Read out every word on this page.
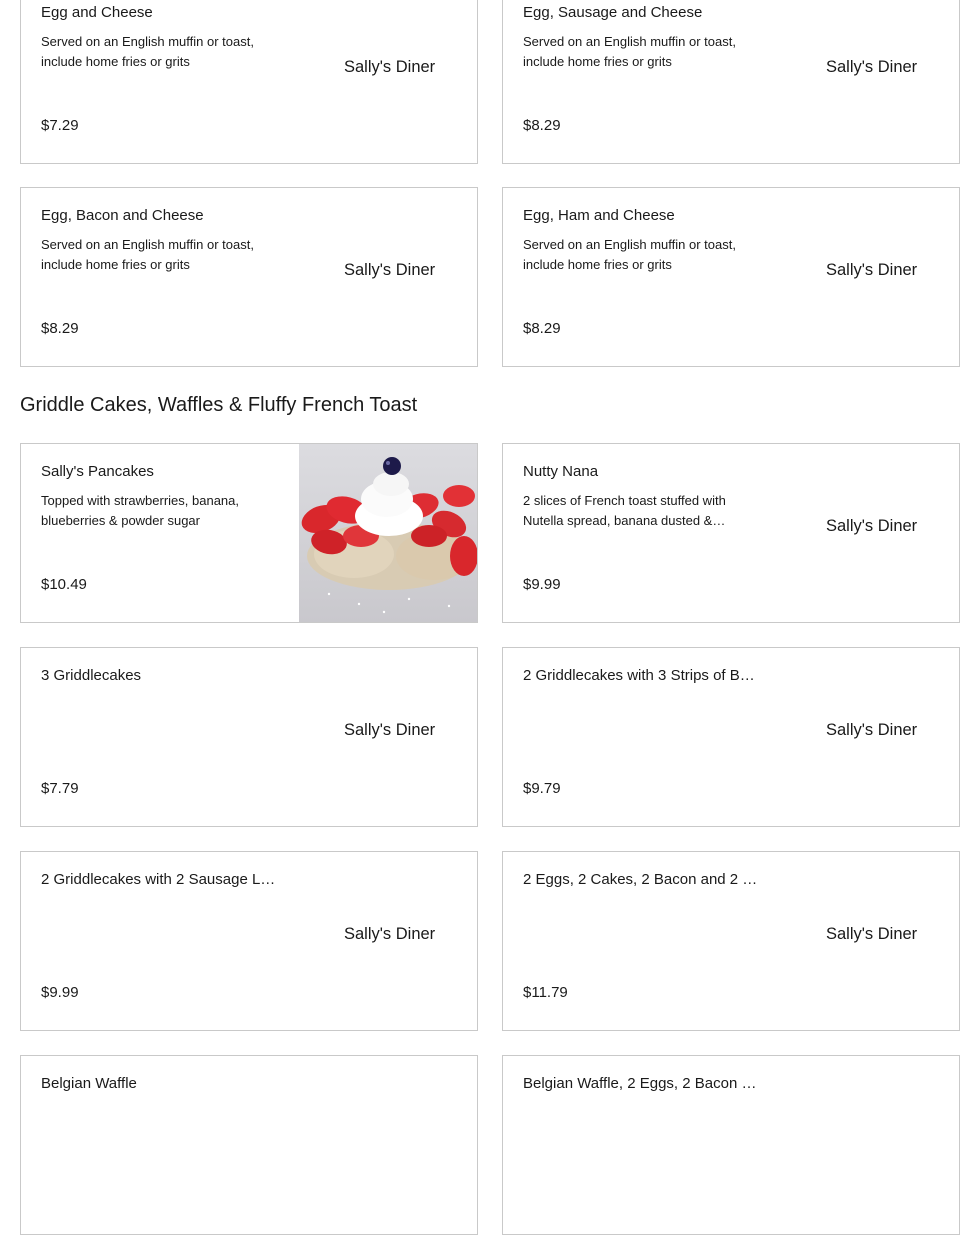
Egg and Cheese
Served on an English muffin or toast, include home fries or grits	Sally's Diner
$7.29
Egg, Sausage and Cheese
Served on an English muffin or toast, include home fries or grits	Sally's Diner
$8.29
Egg, Bacon and Cheese
Served on an English muffin or toast, include home fries or grits	Sally's Diner
$8.29
Egg, Ham and Cheese
Served on an English muffin or toast, include home fries or grits	Sally's Diner
$8.29
Griddle Cakes, Waffles & Fluffy French Toast
Sally's Pancakes
Topped with strawberries, banana, blueberries & powder sugar
$10.49
Nutty Nana
2 slices of French toast stuffed with Nutella spread, banana dusted &…	Sally's Diner
$9.99
3 Griddlecakes
Sally's Diner
$7.79
2 Griddlecakes with 3 Strips of B…
Sally's Diner
$9.79
2 Griddlecakes with 2 Sausage L…
Sally's Diner
$9.99
2 Eggs, 2 Cakes, 2 Bacon and 2 …
Sally's Diner
$11.79
Belgian Waffle	Belgian Waffle, 2 Eggs, 2 Bacon …
